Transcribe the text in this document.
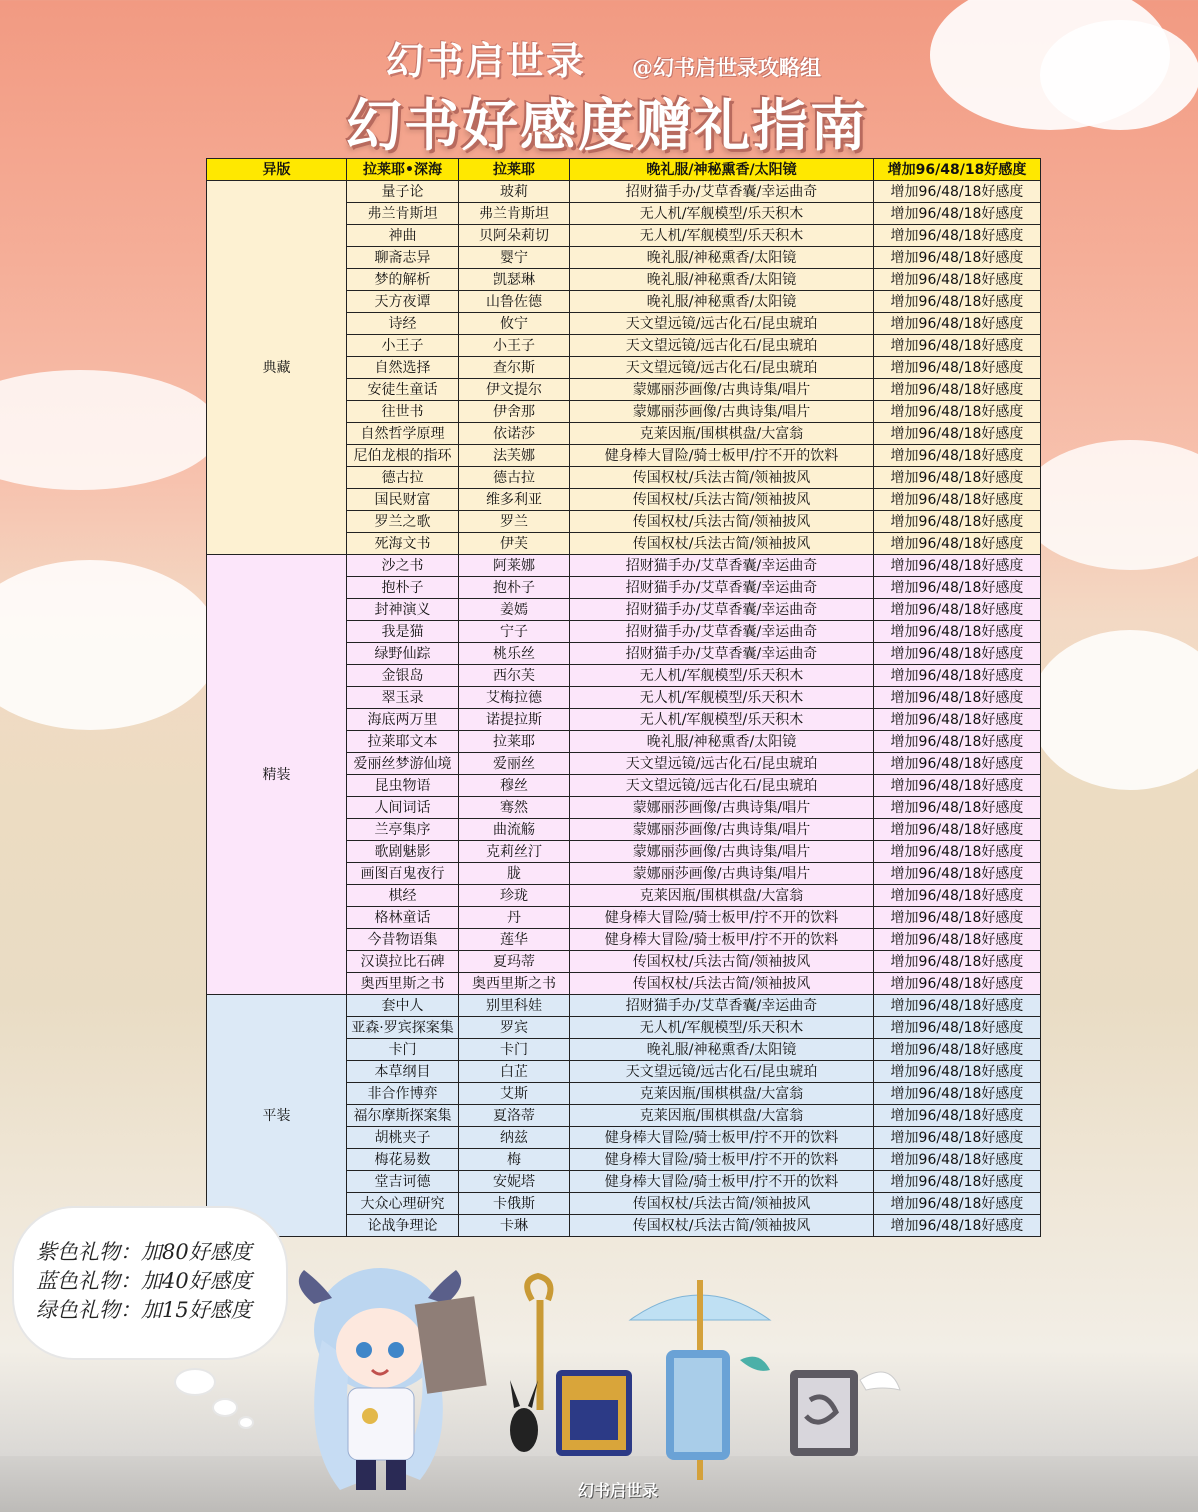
幻书启世录 @幻书启世录攻略组
幻书好感度赠礼指南
异版	拉莱耶•深海	拉莱耶	晚礼服/神秘熏香/太阳镜	增加96/48/18好感度
典藏	量子论	玻莉	招财猫手办/艾草香囊/幸运曲奇	增加96/48/18好感度
	弗兰肯斯坦	弗兰肯斯坦	无人机/军舰模型/乐天积木	增加96/48/18好感度
	神曲	贝阿朵莉切	无人机/军舰模型/乐天积木	增加96/48/18好感度
	聊斋志异	婴宁	晚礼服/神秘熏香/太阳镜	增加96/48/18好感度
	梦的解析	凯瑟琳	晚礼服/神秘熏香/太阳镜	增加96/48/18好感度
	天方夜谭	山鲁佐德	晚礼服/神秘熏香/太阳镜	增加96/48/18好感度
	诗经	攸宁	天文望远镜/远古化石/昆虫琥珀	增加96/48/18好感度
	小王子	小王子	天文望远镜/远古化石/昆虫琥珀	增加96/48/18好感度
	自然选择	查尔斯	天文望远镜/远古化石/昆虫琥珀	增加96/48/18好感度
	安徒生童话	伊文提尔	蒙娜丽莎画像/古典诗集/唱片	增加96/48/18好感度
	往世书	伊舍那	蒙娜丽莎画像/古典诗集/唱片	增加96/48/18好感度
	自然哲学原理	依诺莎	克莱因瓶/围棋棋盘/大富翁	增加96/48/18好感度
	尼伯龙根的指环	法芙娜	健身棒大冒险/骑士板甲/拧不开的饮料	增加96/48/18好感度
	德古拉	德古拉	传国权杖/兵法古简/领袖披风	增加96/48/18好感度
	国民财富	维多利亚	传国权杖/兵法古简/领袖披风	增加96/48/18好感度
	罗兰之歌	罗兰	传国权杖/兵法古简/领袖披风	增加96/48/18好感度
	死海文书	伊芙	传国权杖/兵法古简/领袖披风	增加96/48/18好感度
精装	沙之书	阿莱娜	招财猫手办/艾草香囊/幸运曲奇	增加96/48/18好感度
	抱朴子	抱朴子	招财猫手办/艾草香囊/幸运曲奇	增加96/48/18好感度
	封神演义	姜嫣	招财猫手办/艾草香囊/幸运曲奇	增加96/48/18好感度
	我是猫	宁子	招财猫手办/艾草香囊/幸运曲奇	增加96/48/18好感度
	绿野仙踪	桃乐丝	招财猫手办/艾草香囊/幸运曲奇	增加96/48/18好感度
	金银岛	西尔芙	无人机/军舰模型/乐天积木	增加96/48/18好感度
	翠玉录	艾梅拉德	无人机/军舰模型/乐天积木	增加96/48/18好感度
	海底两万里	诺提拉斯	无人机/军舰模型/乐天积木	增加96/48/18好感度
	拉莱耶文本	拉莱耶	晚礼服/神秘熏香/太阳镜	增加96/48/18好感度
	爱丽丝梦游仙境	爱丽丝	天文望远镜/远古化石/昆虫琥珀	增加96/48/18好感度
	昆虫物语	穆丝	天文望远镜/远古化石/昆虫琥珀	增加96/48/18好感度
	人间词话	骞然	蒙娜丽莎画像/古典诗集/唱片	增加96/48/18好感度
	兰亭集序	曲流觞	蒙娜丽莎画像/古典诗集/唱片	增加96/48/18好感度
	歌剧魅影	克莉丝汀	蒙娜丽莎画像/古典诗集/唱片	增加96/48/18好感度
	画图百鬼夜行	胧	蒙娜丽莎画像/古典诗集/唱片	增加96/48/18好感度
	棋经	珍珑	克莱因瓶/围棋棋盘/大富翁	增加96/48/18好感度
	格林童话	丹	健身棒大冒险/骑士板甲/拧不开的饮料	增加96/48/18好感度
	今昔物语集	莲华	健身棒大冒险/骑士板甲/拧不开的饮料	增加96/48/18好感度
	汉谟拉比石碑	夏玛蒂	传国权杖/兵法古简/领袖披风	增加96/48/18好感度
	奥西里斯之书	奥西里斯之书	传国权杖/兵法古简/领袖披风	增加96/48/18好感度
平装	套中人	别里科娃	招财猫手办/艾草香囊/幸运曲奇	增加96/48/18好感度
	亚森·罗宾探案集	罗宾	无人机/军舰模型/乐天积木	增加96/48/18好感度
	卡门	卡门	晚礼服/神秘熏香/太阳镜	增加96/48/18好感度
	本草纲目	白芷	天文望远镜/远古化石/昆虫琥珀	增加96/48/18好感度
	非合作博弈	艾斯	克莱因瓶/围棋棋盘/大富翁	增加96/48/18好感度
	福尔摩斯探案集	夏洛蒂	克莱因瓶/围棋棋盘/大富翁	增加96/48/18好感度
	胡桃夹子	纳兹	健身棒大冒险/骑士板甲/拧不开的饮料	增加96/48/18好感度
	梅花易数	梅	健身棒大冒险/骑士板甲/拧不开的饮料	增加96/48/18好感度
	堂吉诃德	安妮塔	健身棒大冒险/骑士板甲/拧不开的饮料	增加96/48/18好感度
	大众心理研究	卡俄斯	传国权杖/兵法古简/领袖披风	增加96/48/18好感度
	论战争理论	卡琳	传国权杖/兵法古简/领袖披风	增加96/48/18好感度
紫色礼物：加80好感度
蓝色礼物：加40好感度
绿色礼物：加15好感度
幻书启世录
